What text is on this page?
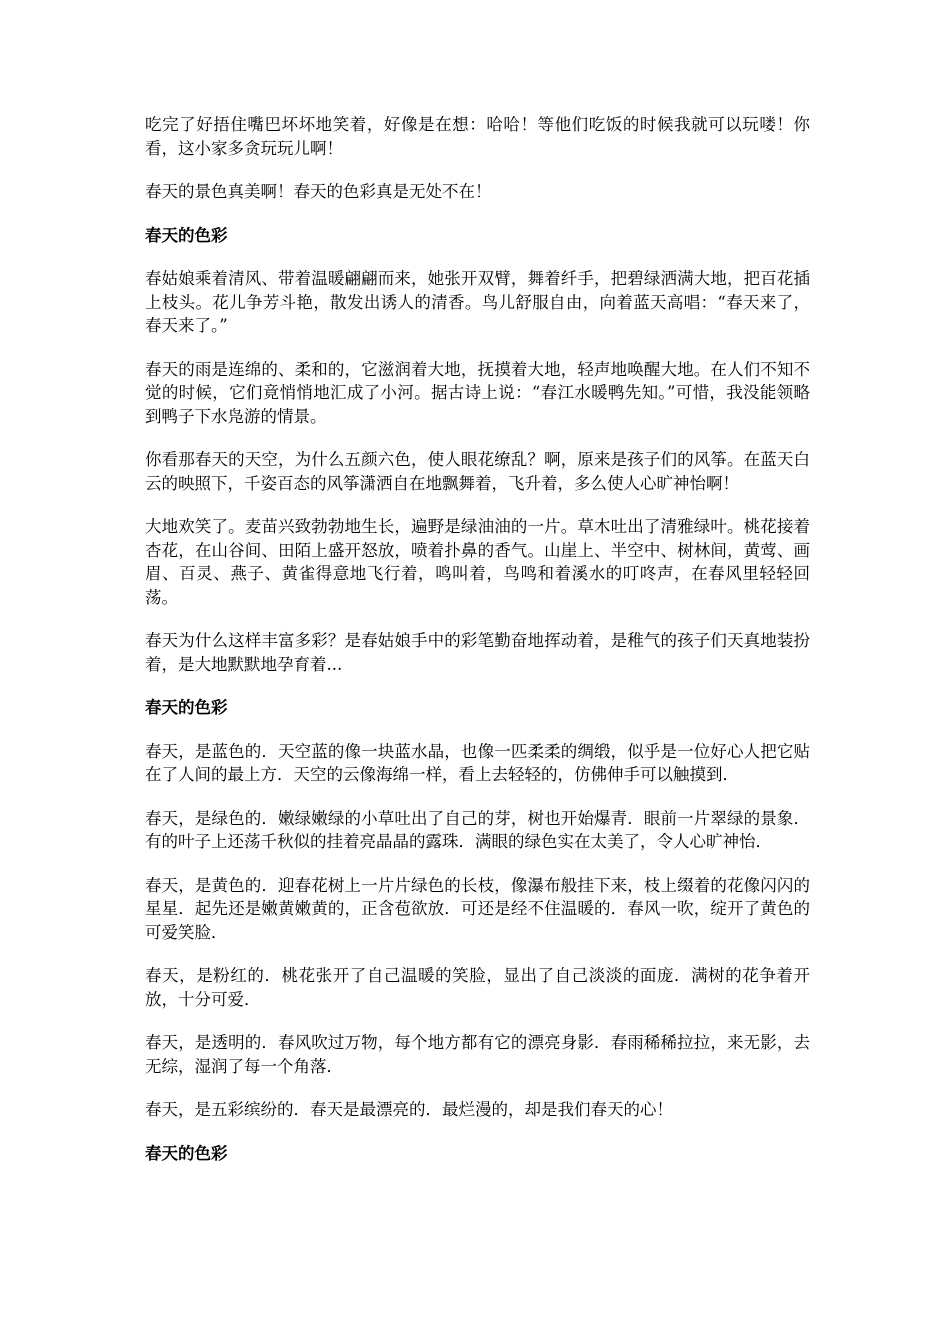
吃完了好捂住嘴巴坏坏地笑着，好像是在想：哈哈！等他们吃饭的时候我就可以玩喽！你看，这小家多贪玩玩儿啊！

春天的景色真美啊！春天的色彩真是无处不在！

春天的色彩

春姑娘乘着清风、带着温暖翩翩而来，她张开双臂，舞着纤手，把碧绿洒满大地，把百花插上枝头。花儿争芳斗艳，散发出诱人的清香。鸟儿舒服自由，向着蓝天高唱：“春天来了，春天来了。”

春天的雨是连绵的、柔和的，它滋润着大地，抚摸着大地，轻声地唤醒大地。在人们不知不觉的时候，它们竟悄悄地汇成了小河。据古诗上说：“春江水暖鸭先知。”可惜，我没能领略到鸭子下水凫游的情景。

你看那春天的天空，为什么五颜六色，使人眼花缭乱？啊，原来是孩子们的风筝。在蓝天白云的映照下，千姿百态的风筝潇洒自在地飘舞着，飞升着，多么使人心旷神怡啊！

大地欢笑了。麦苗兴致勃勃地生长，遍野是绿油油的一片。草木吐出了清雅绿叶。桃花接着杏花，在山谷间、田陌上盛开怒放，喷着扑鼻的香气。山崖上、半空中、树林间，黄莺、画眉、百灵、燕子、黄雀得意地飞行着，鸣叫着，鸟鸣和着溪水的叮咚声，在春风里轻轻回荡。

春天为什么这样丰富多彩？是春姑娘手中的彩笔勤奋地挥动着，是稚气的孩子们天真地装扮着，是大地默默地孕育着...

春天的色彩

春天，是蓝色的．天空蓝的像一块蓝水晶，也像一匹柔柔的绸缎，似乎是一位好心人把它贴在了人间的最上方．天空的云像海绵一样，看上去轻轻的，仿佛伸手可以触摸到．

春天，是绿色的．嫩绿嫩绿的小草吐出了自己的芽，树也开始爆青．眼前一片翠绿的景象．有的叶子上还荡千秋似的挂着亮晶晶的露珠．满眼的绿色实在太美了，令人心旷神怡．

春天，是黄色的．迎春花树上一片片绿色的长枝，像瀑布般挂下来，枝上缀着的花像闪闪的星星．起先还是嫩黄嫩黄的，正含苞欲放．可还是经不住温暖的．春风一吹，绽开了黄色的可爱笑脸．

春天，是粉红的．桃花张开了自己温暖的笑脸，显出了自己淡淡的面庞．满树的花争着开放，十分可爱．

春天，是透明的．春风吹过万物，每个地方都有它的漂亮身影．春雨稀稀拉拉，来无影，去无综，湿润了每一个角落．

春天，是五彩缤纷的．春天是最漂亮的．最烂漫的，却是我们春天的心！

春天的色彩
